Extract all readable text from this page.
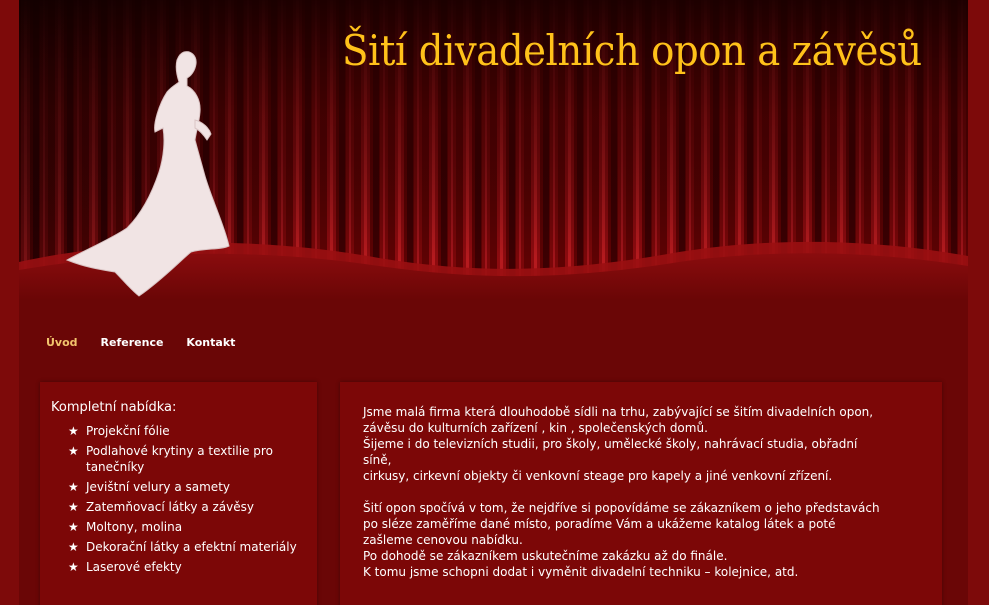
Šití divadelních opon a závěsů
Úvod Reference Kontakt
Kompletní nabídka:
★ Projekční fólie
★ Podlahové krytiny a textilie pro tanečníky
★ Jevištní velury a samety
★ Zatemňovací látky a závěsy
★ Moltony, molina
★ Dekorační látky a efektní materiály
★ Laserové efekty

Jsme malá firma která dlouhodobě sídli na trhu, zabývající se šitím divadelních opon,
závěsu do kulturních zařízení , kin , společenských domů.
Šijeme i do televizních studii, pro školy, umělecké školy, nahrávací studia, obřadní
síně,
cirkusy, cirkevní objekty či venkovní steage pro kapely a jiné venkovní zřízení.

Šití opon spočívá v tom, že nejdříve si popovídáme se zákazníkem o jeho představách
po sléze zaměříme dané místo, poradíme Vám a ukážeme katalog látek a poté
zašleme cenovou nabídku.
Po dohodě se zákazníkem uskutečníme zakázku až do finále.
K tomu jsme schopni dodat i vyměnit divadelní techniku – kolejnice, atd.
